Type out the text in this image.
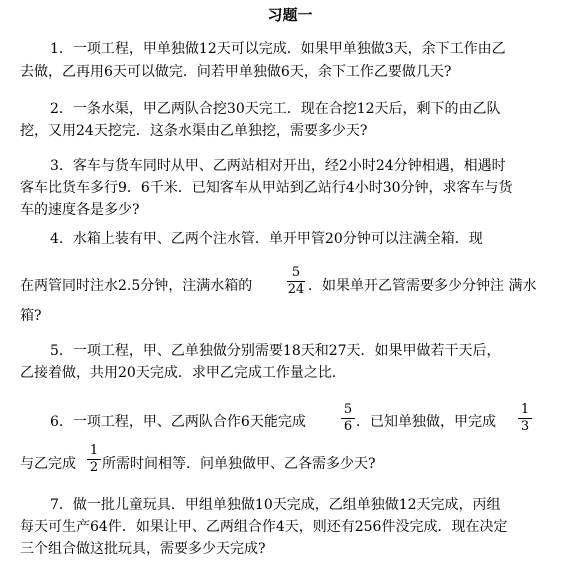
习题一
1．一项工程，甲单独做12天可以完成．如果甲单独做3天，余下工作由乙
去做，乙再用6天可以做完．问若甲单独做6天，余下工作乙要做几天?
2．一条水渠，甲乙两队合挖30天完工．现在合挖12天后，剩下的由乙队
挖，又用24天挖完．这条水渠由乙单独挖，需要多少天?
3．客车与货车同时从甲、乙两站相对开出，经2小时24分钟相遇，相遇时
客车比货车多行9．6千米．已知客车从甲站到乙站行4小时30分钟，求客车与货
车的速度各是多少?
4．水箱上装有甲、乙两个注水管．单开甲管20分钟可以注满全箱．现
在两管同时注水2.5分钟，注满水箱的
5
24 ．如果单开乙管需要多少分钟注 满水
箱?
5．一项工程，甲、乙单独做分别需要18天和27天．如果甲做若干天后，
乙接着做，共用20天完成．求甲乙完成工作量之比．
6．一项工程，甲、乙两队合作6天能完成
5
6 ．已知单独做，甲完成
1
3
与乙完成
1
2 所需时间相等．问单独做甲、乙各需多少天?
7．做一批儿童玩具．甲组单独做10天完成，乙组单独做12天完成，丙组
每天可生产64件．如果让甲、乙两组合作4天，则还有256件没完成．现在决定
三个组合做这批玩具，需要多少天完成?
